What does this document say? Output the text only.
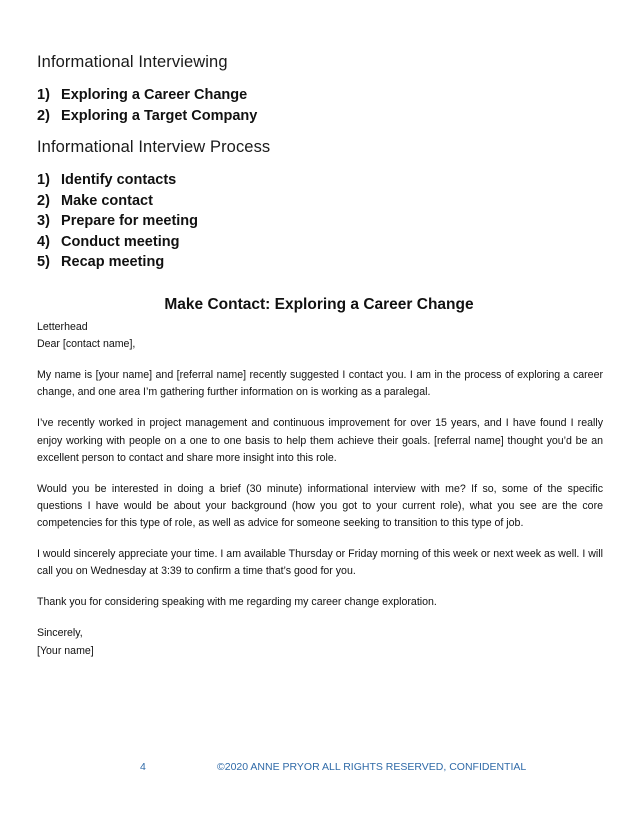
Informational Interviewing
1) Exploring a Career Change
2) Exploring a Target Company
Informational Interview Process
1) Identify contacts
2) Make contact
3) Prepare for meeting
4) Conduct meeting
5) Recap meeting
Make Contact: Exploring a Career Change

Letterhead

Dear [contact name],

My name is [your name] and [referral name] recently suggested I contact you. I am in the process of exploring a career change, and one area I’m gathering further information on is working as a paralegal.

I’ve recently worked in project management and continuous improvement for over 15 years, and I have found I really enjoy working with people on a one to one basis to help them achieve their goals. [referral name] thought you’d be an excellent person to contact and share more insight into this role.

Would you be interested in doing a brief (30 minute) informational interview with me? If so, some of the specific questions I have would be about your background (how you got to your current role), what you see are the core competencies for this type of role, as well as advice for someone seeking to transition to this type of job.

I would sincerely appreciate your time. I am available Thursday or Friday morning of this week or next week as well. I will call you on Wednesday at 3:39 to confirm a time that’s good for you.

Thank you for considering speaking with me regarding my career change exploration.

Sincerely,

[Your name]

4	©2020 ANNE PRYOR ALL RIGHTS RESERVED, CONFIDENTIAL
